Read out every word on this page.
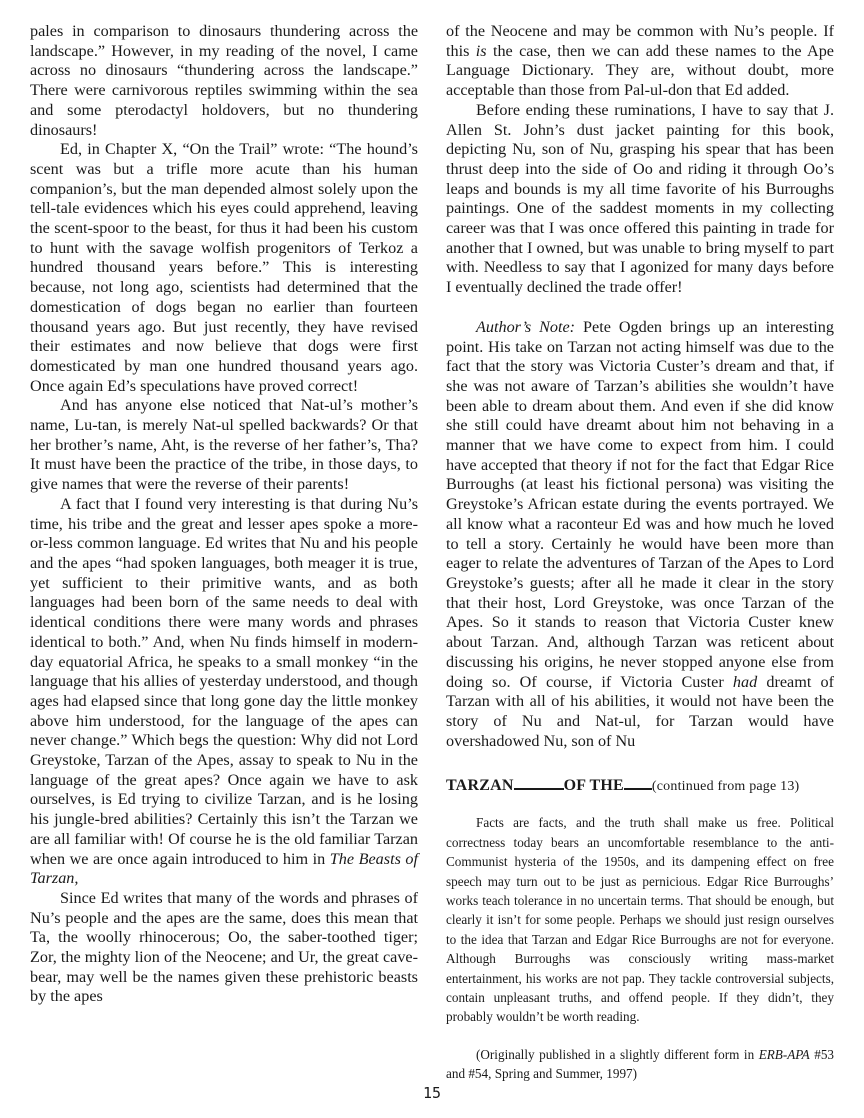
pales in comparison to dinosaurs thundering across the landscape.” However, in my reading of the novel, I came across no dinosaurs “thundering across the landscape.” There were carnivorous reptiles swimming within the sea and some pterodactyl holdovers, but no thundering dinosaurs!

Ed, in Chapter X, “On the Trail” wrote: “The hound’s scent was but a trifle more acute than his human companion’s, but the man depended almost solely upon the tell-tale evidences which his eyes could apprehend, leaving the scent-spoor to the beast, for thus it had been his custom to hunt with the savage wolfish progenitors of Terkoz a hundred thousand years before.” This is interesting because, not long ago, scientists had determined that the domestication of dogs began no earlier than fourteen thousand years ago. But just recently, they have revised their estimates and now believe that dogs were first domesticated by man one hundred thousand years ago. Once again Ed’s speculations have proved correct!

And has anyone else noticed that Nat-ul’s mother’s name, Lu-tan, is merely Nat-ul spelled backwards? Or that her brother’s name, Aht, is the reverse of her father’s, Tha? It must have been the practice of the tribe, in those days, to give names that were the reverse of their parents!

A fact that I found very interesting is that during Nu’s time, his tribe and the great and lesser apes spoke a more-or-less common language. Ed writes that Nu and his people and the apes “had spoken languages, both meager it is true, yet sufficient to their primitive wants, and as both languages had been born of the same needs to deal with identical conditions there were many words and phrases identical to both.” And, when Nu finds himself in modern-day equatorial Africa, he speaks to a small monkey “in the language that his allies of yesterday understood, and though ages had elapsed since that long gone day the little monkey above him understood, for the language of the apes can never change.” Which begs the question: Why did not Lord Greystoke, Tarzan of the Apes, assay to speak to Nu in the language of the great apes? Once again we have to ask ourselves, is Ed trying to civilize Tarzan, and is he losing his jungle-bred abilities? Certainly this isn’t the Tarzan we are all familiar with! Of course he is the old familiar Tarzan when we are once again introduced to him in The Beasts of Tarzan,

Since Ed writes that many of the words and phrases of Nu’s people and the apes are the same, does this mean that Ta, the woolly rhinocerous; Oo, the saber-toothed tiger; Zor, the mighty lion of the Neocene; and Ur, the great cave-bear, may well be the names given these prehistoric beasts by the apes

of the Neocene and may be common with Nu’s people. If this is the case, then we can add these names to the Ape Language Dictionary. They are, without doubt, more acceptable than those from Pal-ul-don that Ed added.

Before ending these ruminations, I have to say that J. Allen St. John’s dust jacket painting for this book, depicting Nu, son of Nu, grasping his spear that has been thrust deep into the side of Oo and riding it through Oo’s leaps and bounds is my all time favorite of his Burroughs paintings. One of the saddest moments in my collecting career was that I was once offered this painting in trade for another that I owned, but was unable to bring myself to part with. Needless to say that I agonized for many days before I eventually declined the trade offer!

Author’s Note: Pete Ogden brings up an interesting point. His take on Tarzan not acting himself was due to the fact that the story was Victoria Custer’s dream and that, if she was not aware of Tarzan’s abilities she wouldn’t have been able to dream about them. And even if she did know she still could have dreamt about him not behaving in a manner that we have come to expect from him. I could have accepted that theory if not for the fact that Edgar Rice Burroughs (at least his fictional persona) was visiting the Greystoke’s African estate during the events portrayed. We all know what a raconteur Ed was and how much he loved to tell a story. Certainly he would have been more than eager to relate the adventures of Tarzan of the Apes to Lord Greystoke’s guests; after all he made it clear in the story that their host, Lord Greystoke, was once Tarzan of the Apes. So it stands to reason that Victoria Custer knew about Tarzan. And, although Tarzan was reticent about discussing his origins, he never stopped anyone else from doing so. Of course, if Victoria Custer had dreamt of Tarzan with all of his abilities, it would not have been the story of Nu and Nat-ul, for Tarzan would have overshadowed Nu, son of Nu

TARZAN	OF THE (continued from page 13)

Facts are facts, and the truth shall make us free. Political correctness today bears an uncomfortable resemblance to the anti-Communist hysteria of the 1950s, and its dampening effect on free speech may turn out to be just as pernicious. Edgar Rice Burroughs’ works teach tolerance in no uncertain terms. That should be enough, but clearly it isn’t for some people. Perhaps we should just resign ourselves to the idea that Tarzan and Edgar Rice Burroughs are not for everyone. Although Burroughs was consciously writing mass-market entertainment, his works are not pap. They tackle controversial subjects, contain unpleasant truths, and offend people. If they didn’t, they probably wouldn’t be worth reading.

(Originally published in a slightly different form in ERB-APA #53 and #54, Spring and Summer, 1997)

15
